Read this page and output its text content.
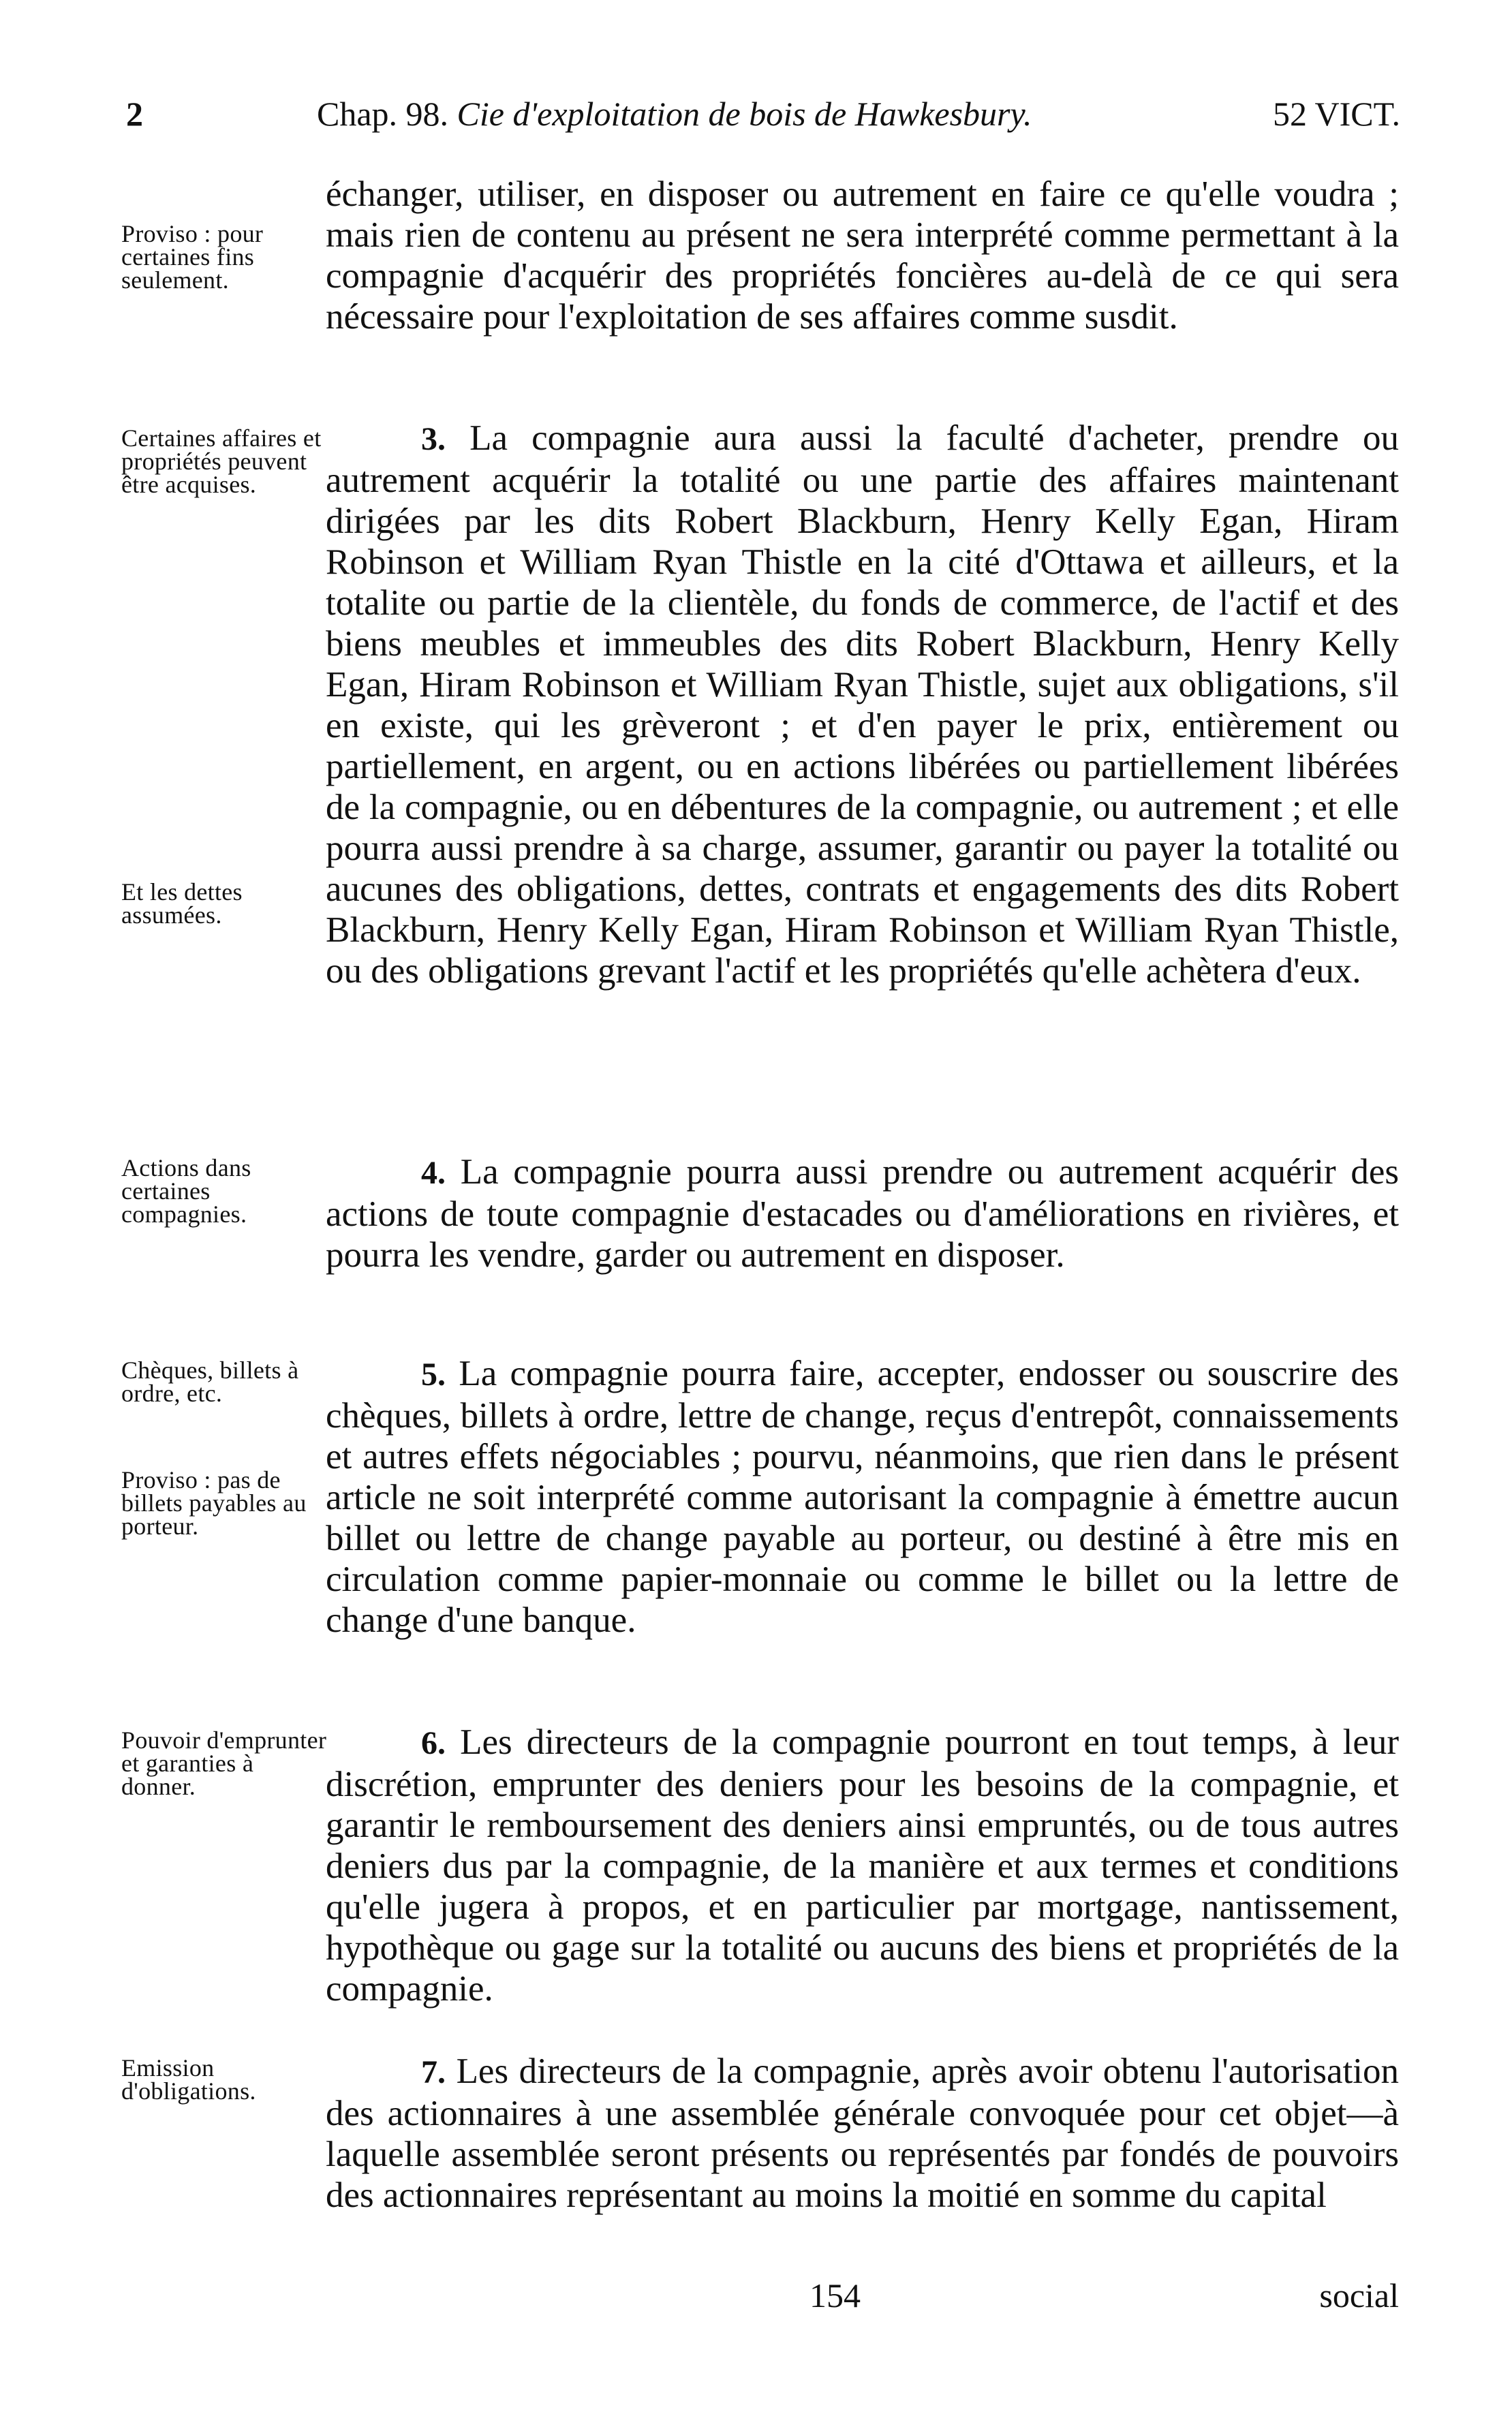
2	Chap. 98. Cie d'exploitation de bois de Hawkesbury.	52 VICT.
Proviso : pour certaines fins seulement.
Certaines affaires et propriétés peuvent être acquises.
Et les dettes assumées.
Actions dans certaines compagnies.
Chèques, billets à ordre, etc.
Proviso : pas de billets payables au porteur.
Pouvoir d'emprunter et garanties à donner.
Emission d'obligations.
échanger, utiliser, en disposer ou autrement en faire ce qu'elle voudra ; mais rien de contenu au présent ne sera interprété comme permettant à la compagnie d'acquérir des propriétés foncières au-delà de ce qui sera nécessaire pour l'exploitation de ses affaires comme susdit.
3. La compagnie aura aussi la faculté d'acheter, prendre ou autrement acquérir la totalité ou une partie des affaires maintenant dirigées par les dits Robert Blackburn, Henry Kelly Egan, Hiram Robinson et William Ryan Thistle en la cité d'Ottawa et ailleurs, et la totalite ou partie de la clientèle, du fonds de commerce, de l'actif et des biens meubles et immeubles des dits Robert Blackburn, Henry Kelly Egan, Hiram Robinson et William Ryan Thistle, sujet aux obligations, s'il en existe, qui les grèveront ; et d'en payer le prix, entièrement ou partiellement, en argent, ou en actions libérées ou partiellement libérées de la compagnie, ou en débentures de la compagnie, ou autrement ; et elle pourra aussi prendre à sa charge, assumer, garantir ou payer la totalité ou aucunes des obligations, dettes, contrats et engagements des dits Robert Blackburn, Henry Kelly Egan, Hiram Robinson et William Ryan Thistle, ou des obligations grevant l'actif et les propriétés qu'elle achètera d'eux.
4. La compagnie pourra aussi prendre ou autrement acquérir des actions de toute compagnie d'estacades ou d'améliorations en rivières, et pourra les vendre, garder ou autrement en disposer.
5. La compagnie pourra faire, accepter, endosser ou souscrire des chèques, billets à ordre, lettre de change, reçus d'entrepôt, connaissements et autres effets négociables ; pourvu, néanmoins, que rien dans le présent article ne soit interprété comme autorisant la compagnie à émettre aucun billet ou lettre de change payable au porteur, ou destiné à être mis en circulation comme papier-monnaie ou comme le billet ou la lettre de change d'une banque.
6. Les directeurs de la compagnie pourront en tout temps, à leur discrétion, emprunter des deniers pour les besoins de la compagnie, et garantir le remboursement des deniers ainsi empruntés, ou de tous autres deniers dus par la compagnie, de la manière et aux termes et conditions qu'elle jugera à propos, et en particulier par mortgage, nantissement, hypothèque ou gage sur la totalité ou aucuns des biens et propriétés de la compagnie.
7. Les directeurs de la compagnie, après avoir obtenu l'autorisation des actionnaires à une assemblée générale convoquée pour cet objet—à laquelle assemblée seront présents ou représentés par fondés de pouvoirs des actionnaires représentant au moins la moitié en somme du capital
154	social
